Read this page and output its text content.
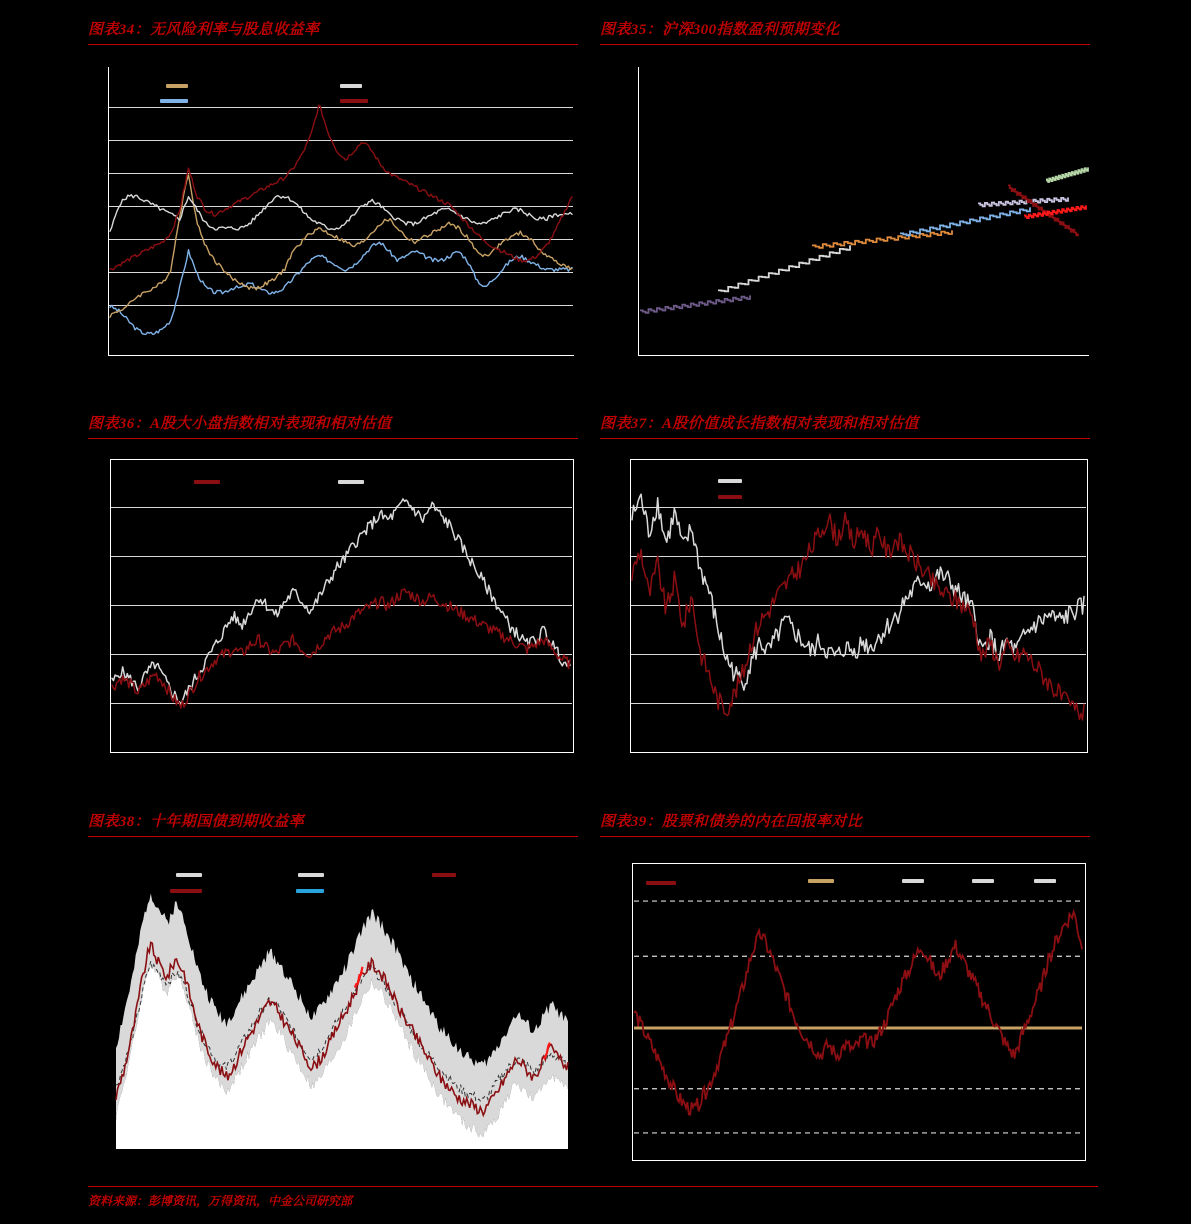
图表34：无风险利率与股息收益率	图表35：沪深300指数盈利预期变化
图表36：A股大小盘指数相对表现和相对估值	图表37：A股价值成长指数相对表现和相对估值
图表38：十年期国债到期收益率	图表39：股票和债券的内在回报率对比
资料来源：彭博资讯，万得资讯，中金公司研究部
